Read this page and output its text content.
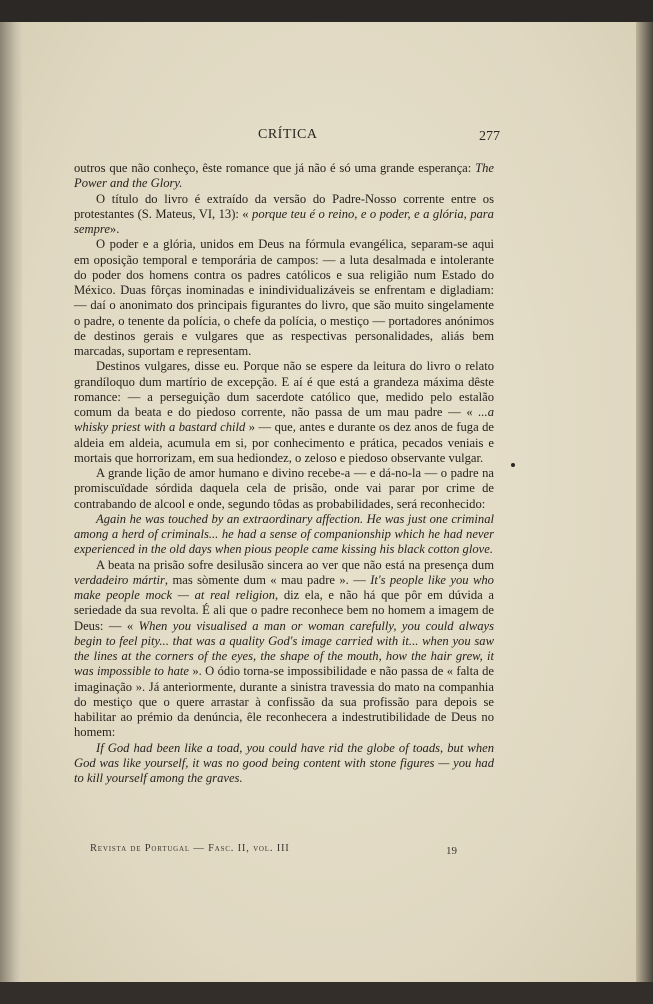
CRÍTICA	277

outros que não conheço, êste romance que já não é só uma grande esperança: The Power and the Glory.

O título do livro é extraído da versão do Padre-Nosso corrente entre os protestantes (S. Mateus, VI, 13): « porque teu é o reino, e o poder, e a glória, para sempre».

O poder e a glória, unidos em Deus na fórmula evangélica, separam-se aqui em oposição temporal e temporária de campos: — a luta desalmada e intolerante do poder dos homens contra os padres católicos e sua religião num Estado do México. Duas fôrças inominadas e inindividualizáveis se enfrentam e digladiam: — daí o anonimato dos principais figurantes do livro, que são muito singelamente o padre, o tenente da polícia, o chefe da polícia, o mestiço — portadores anónimos de destinos gerais e vulgares que as respectivas personalidades, aliás bem marcadas, suportam e representam.

Destinos vulgares, disse eu. Porque não se espere da leitura do livro o relato grandíloquo dum martírio de excepção. E aí é que está a grandeza máxima dêste romance: — a perseguição dum sacerdote católico que, medido pelo estalão comum da beata e do piedoso corrente, não passa de um mau padre — « ...a whisky priest with a bastard child » — que, antes e durante os dez anos de fuga de aldeia em aldeia, acumula em si, por conhecimento e prática, pecados veniais e mortais que horrorizam, em sua hediondez, o zeloso e piedoso observante vulgar.

A grande lição de amor humano e divino recebe-a — e dá-no-la — o padre na promiscuïdade sórdida daquela cela de prisão, onde vai parar por crime de contrabando de alcool e onde, segundo tôdas as probabilidades, será reconhecido:

Again he was touched by an extraordinary affection. He was just one criminal among a herd of criminals... he had a sense of companionship which he had never experienced in the old days when pious people came kissing his black cotton glove.

A beata na prisão sofre desilusão sincera ao ver que não está na presença dum verdadeiro mártir, mas sòmente dum « mau padre ». — It's people like you who make people mock — at real religion, diz ela, e não há que pôr em dúvida a seriedade da sua revolta. É ali que o padre reconhece bem no homem a imagem de Deus: — « When you visualised a man or woman carefully, you could always begin to feel pity... that was a quality God's image carried with it... when you saw the lines at the corners of the eyes, the shape of the mouth, how the hair grew, it was impossible to hate ». O ódio torna-se impossibilidade e não passa de « falta de imaginação ». Já anteriormente, durante a sinistra travessia do mato na companhia do mestiço que o quere arrastar à confissão da sua profissão para depois se habilitar ao prémio da denúncia, êle reconhecera a indestrutibilidade de Deus no homem:

If God had been like a toad, you could have rid the globe of toads, but when God was like yourself, it was no good being content with stone figures — you had to kill yourself among the graves.

Revista de Portugal — Fasc. II, vol. III	19
